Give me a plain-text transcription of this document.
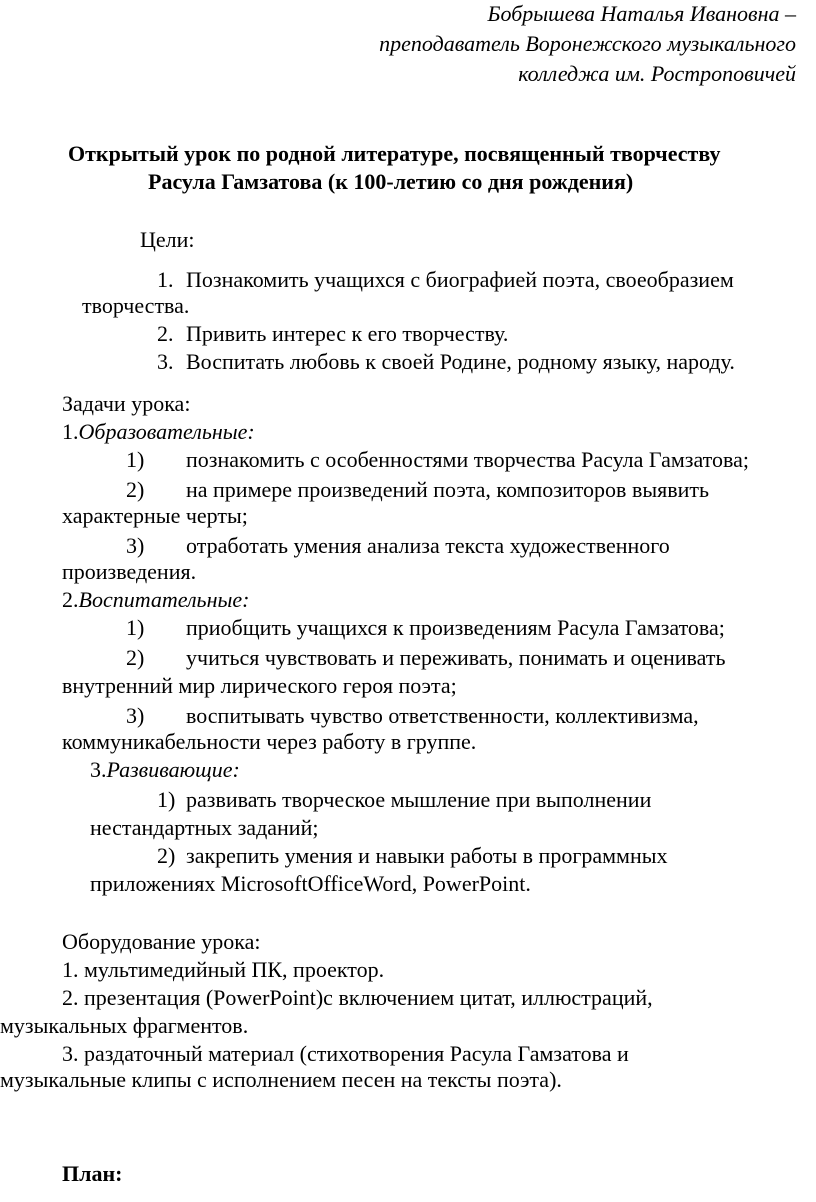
Бобрышева Наталья Ивановна –
преподаватель Воронежского музыкального
колледжа им. Ростроповичей
Открытый урок по родной литературе, посвященный творчеству
Расула Гамзатова (к 100-летию со дня рождения)
Цели:
1. Познакомить учащихся с биографией поэта, своеобразием
творчества.
2. Привить интерес к его творчеству.
3. Воспитать любовь к своей Родине, родному языку, народу.
Задачи урока:
1.Образовательные:
1) познакомить с особенностями творчества Расула Гамзатова;
2) на примере произведений поэта, композиторов выявить
характерные черты;
3) отработать умения анализа текста художественного
произведения.
2.Воспитательные:
1) приобщить учащихся к произведениям Расула Гамзатова;
2) учиться чувствовать и переживать, понимать и оценивать
внутренний мир лирического героя поэта;
3) воспитывать чувство ответственности, коллективизма,
коммуникабельности через работу в группе.
3.Развивающие:
1) развивать творческое мышление при выполнении
нестандартных заданий;
2) закрепить умения и навыки работы в программных
приложениях MicrosoftOfficeWord, PowerPoint.
Оборудование урока:
1. мультимедийный ПК, проектор.
2. презентация (PowerPoint)с включением цитат, иллюстраций,
музыкальных фрагментов.
3. раздаточный материал (стихотворения Расула Гамзатова и
музыкальные клипы с исполнением песен на тексты поэта).
План:
